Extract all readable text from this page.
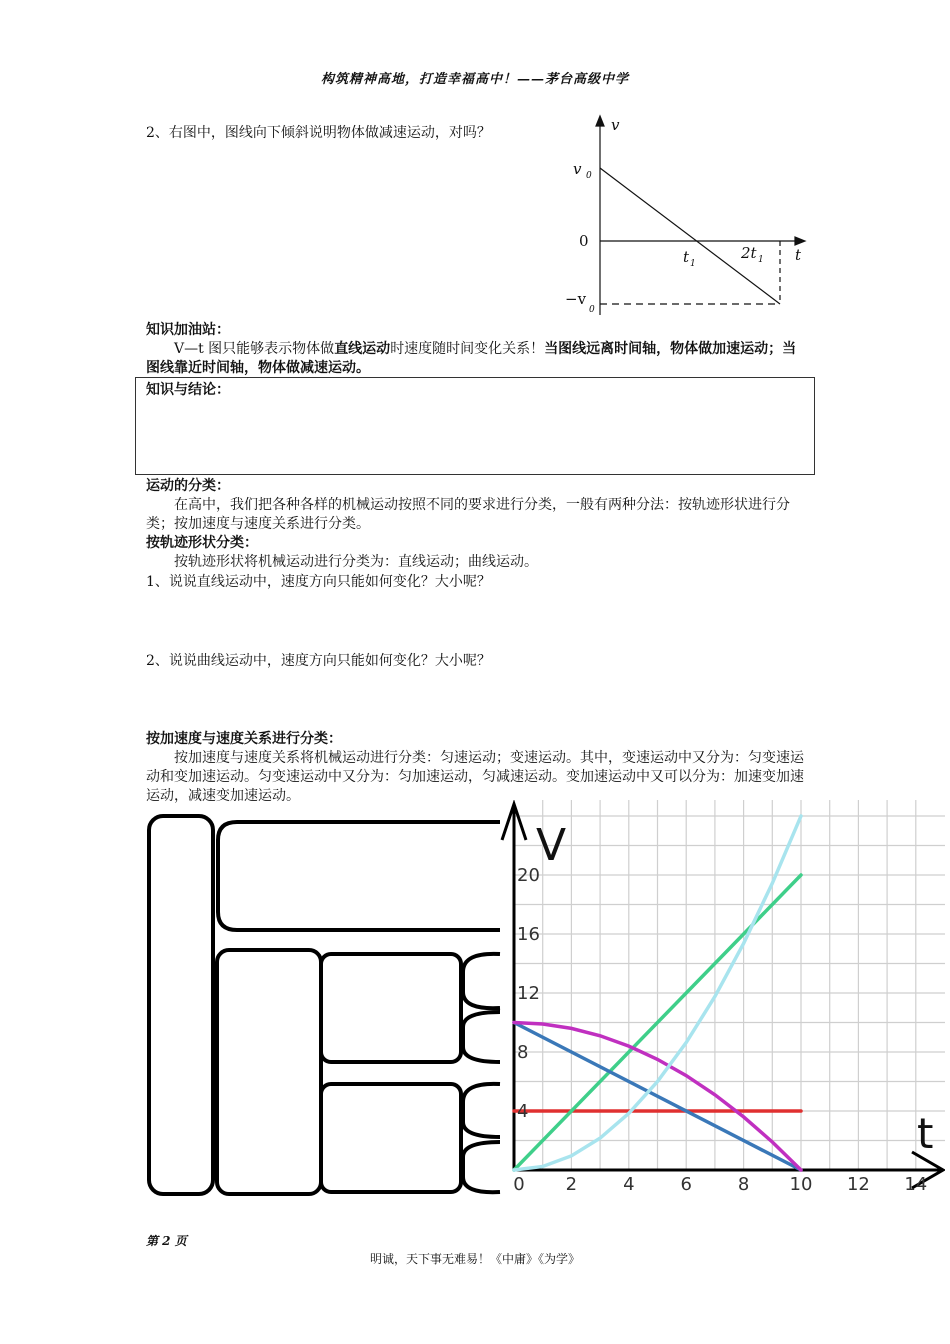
构筑精神高地，打造幸福高中！——茅台高级中学
2、右图中，图线向下倾斜说明物体做减速运动，对吗？	v
v 0
0
−v
0
t 1
2t 1 t
知识加油站：
V—t 图只能够表示物体做直线运动时速度随时间变化关系！当图线远离时间轴，物体做加速运动；当图线靠近时间轴，物体做减速运动。
知识与结论：
运动的分类：
在高中，我们把各种各样的机械运动按照不同的要求进行分类，一般有两种分法：按轨迹形状进行分类；按加速度与速度关系进行分类。
按轨迹形状分类：
按轨迹形状将机械运动进行分类为：直线运动；曲线运动。
1、说说直线运动中，速度方向只能如何变化？大小呢？
2、说说曲线运动中，速度方向只能如何变化？大小呢？
按加速度与速度关系进行分类：
按加速度与速度关系将机械运动进行分类：匀速运动；变速运动。其中，变速运动中又分为：匀变速运动和变加速运动。匀变速运动中又分为：匀加速运动，匀减速运动。变加速运动中又可以分为：加速变加速运动，减速变加速运动。
0 2	4	6	8 10 12 14
4
8
12
16
20
V
t
第 2 页
明诚，天下事无难易！《中庸》《为学》
